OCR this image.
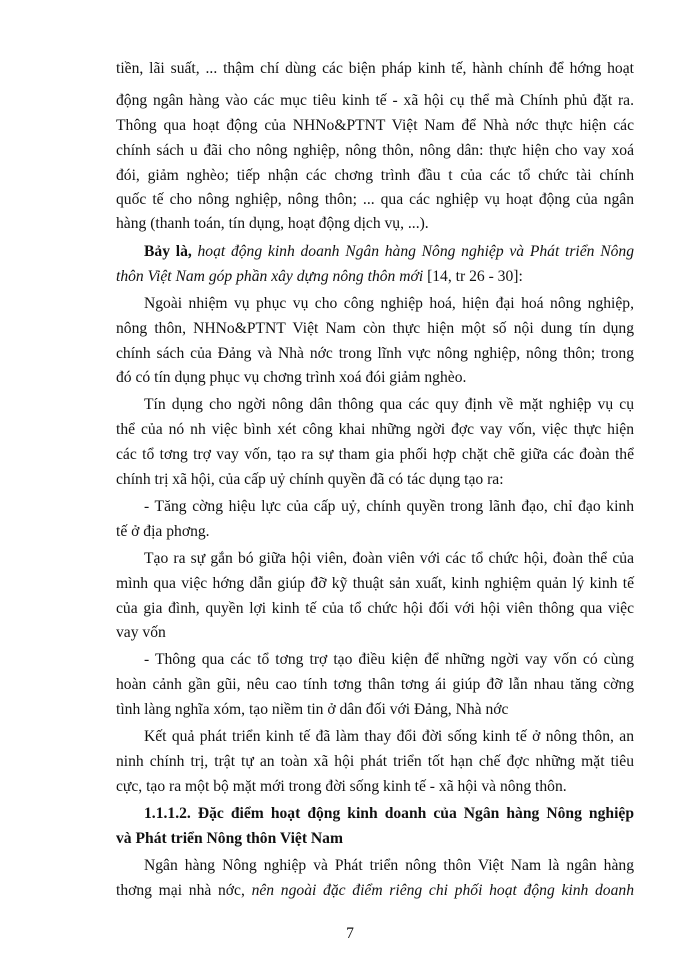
tiền, lãi suất, ... thậm chí dùng các biện pháp kinh tế, hành chính để hớng hoạt
động ngân hàng vào các mục tiêu kinh tế - xã hội cụ thể mà Chính phủ đặt ra.
Thông qua hoạt động của NHNo&PTNT Việt Nam để Nhà nớc thực hiện các
chính sách u đãi cho nông nghiệp, nông thôn, nông dân: thực hiện cho vay xoá
đói, giảm nghèo; tiếp nhận các chơng trình đầu t của các tổ chức tài chính
quốc tế cho nông nghiệp, nông thôn; ... qua các nghiệp vụ hoạt động của ngân
hàng (thanh toán, tín dụng, hoạt động dịch vụ, ...).
Bảy là, hoạt động kinh doanh Ngân hàng Nông nghiệp và Phát triển Nông
thôn Việt Nam góp phần xây dựng nông thôn mới [14, tr 26 - 30]:
Ngoài nhiệm vụ phục vụ cho công nghiệp hoá, hiện đại hoá nông nghiệp,
nông thôn, NHNo&PTNT Việt Nam còn thực hiện một số nội dung tín dụng
chính sách của Đảng và Nhà nớc trong lĩnh vực nông nghiệp, nông thôn; trong
đó có tín dụng phục vụ chơng trình xoá đói giảm nghèo.
Tín dụng cho ngời nông dân thông qua các quy định về mặt nghiệp vụ cụ
thể của nó nh việc bình xét công khai những ngời đợc vay vốn, việc thực hiện
các tổ tơng trợ vay vốn, tạo ra sự tham gia phối hợp chặt chẽ giữa các đoàn thể
chính trị xã hội, của cấp uỷ chính quyền đã có tác dụng tạo ra:
- Tăng cờng hiệu lực của cấp uỷ, chính quyền trong lãnh đạo, chỉ đạo kinh
tế ở địa phơng.
Tạo ra sự gắn bó giữa hội viên, đoàn viên với các tổ chức hội, đoàn thể của
mình qua việc hớng dẫn giúp đỡ kỹ thuật sản xuất, kinh nghiệm quản lý kinh tế
của gia đình, quyền lợi kinh tế của tổ chức hội đối với hội viên thông qua việc
vay vốn
- Thông qua các tổ tơng trợ tạo điều kiện để những ngời vay vốn có cùng
hoàn cảnh gần gũi, nêu cao tính tơng thân tơng ái giúp đỡ lẫn nhau tăng cờng
tình làng nghĩa xóm, tạo niềm tin ở dân đối với Đảng, Nhà nớc
Kết quả phát triển kinh tế đã làm thay đổi đời sống kinh tế ở nông thôn, an
ninh chính trị, trật tự an toàn xã hội phát triển tốt hạn chế đợc những mặt tiêu
cực, tạo ra một bộ mặt mới trong đời sống kinh tế - xã hội và nông thôn.
1.1.1.2. Đặc điểm hoạt động kinh doanh của Ngân hàng Nông nghiệp
và Phát triển Nông thôn Việt Nam
Ngân hàng Nông nghiệp và Phát triển nông thôn Việt Nam là ngân hàng
thơng mại nhà nớc, nên ngoài đặc điểm riêng chi phối hoạt động kinh doanh
7
